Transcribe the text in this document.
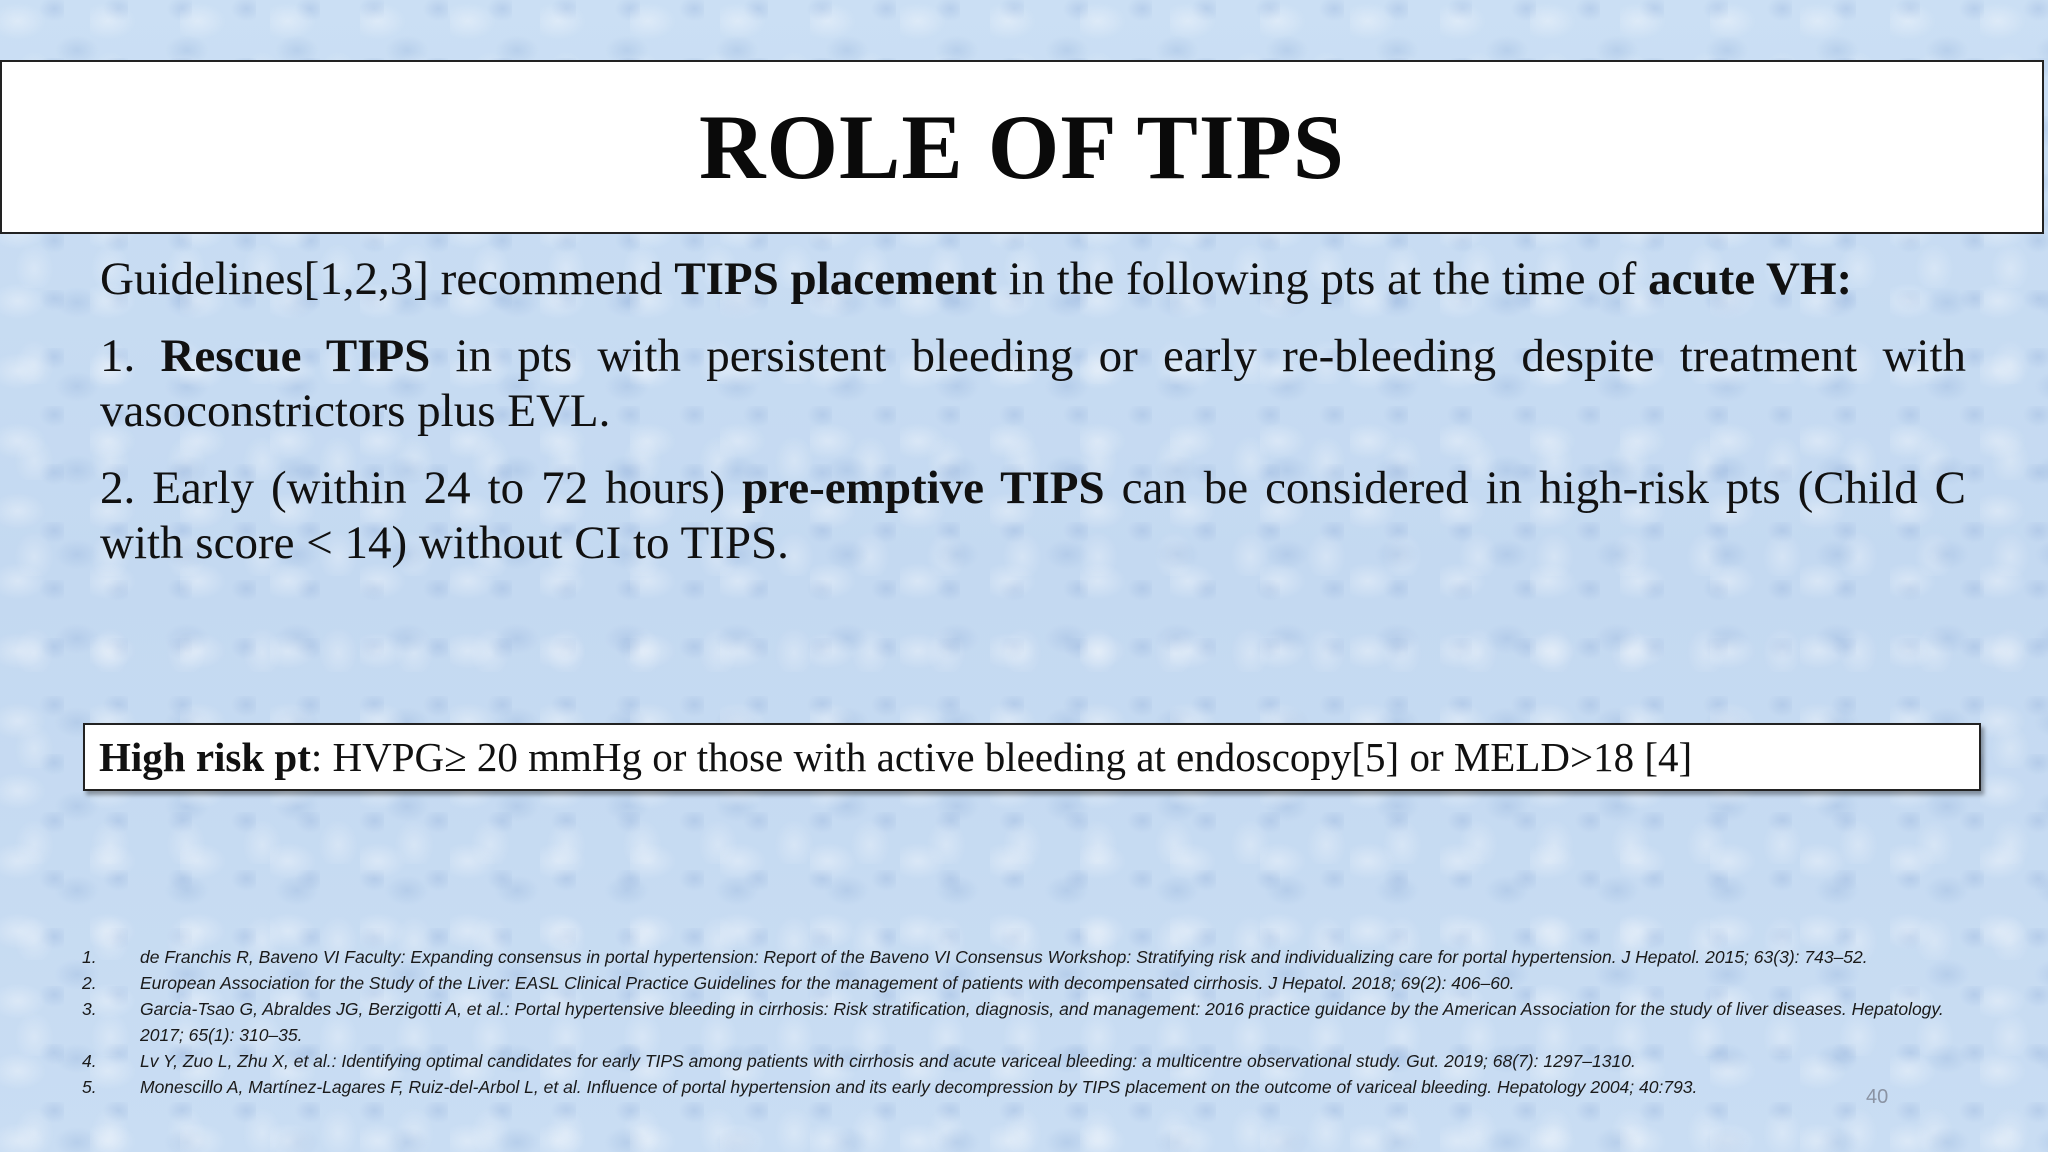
ROLE OF TIPS

Guidelines[1,2,3] recommend TIPS placement in the following pts at the time of acute VH:

1. Rescue TIPS in pts with persistent bleeding or early re-bleeding despite treatment with vasoconstrictors plus EVL.

2. Early (within 24 to 72 hours) pre-emptive TIPS can be considered in high-risk pts (Child C with score < 14) without CI to TIPS.

High risk pt: HVPG≥ 20 mmHg or those with active bleeding at endoscopy[5] or MELD>18 [4]
1.	de Franchis R, Baveno VI Faculty: Expanding consensus in portal hypertension: Report of the Baveno VI Consensus Workshop: Stratifying risk and individualizing care for portal hypertension. J Hepatol. 2015; 63(3): 743–52.
2.	European Association for the Study of the Liver: EASL Clinical Practice Guidelines for the management of patients with decompensated cirrhosis. J Hepatol. 2018; 69(2): 406–60.
3.	Garcia-Tsao G, Abraldes JG, Berzigotti A, et al.: Portal hypertensive bleeding in cirrhosis: Risk stratification, diagnosis, and management: 2016 practice guidance by the American Association for the study of liver diseases. Hepatology. 2017; 65(1): 310–35.
4.	Lv Y, Zuo L, Zhu X, et al.: Identifying optimal candidates for early TIPS among patients with cirrhosis and acute variceal bleeding: a multicentre observational study. Gut. 2019; 68(7): 1297–1310.
5.	Monescillo A, Martínez-Lagares F, Ruiz-del-Arbol L, et al. Influence of portal hypertension and its early decompression by TIPS placement on the outcome of variceal bleeding. Hepatology 2004; 40:793.	40
